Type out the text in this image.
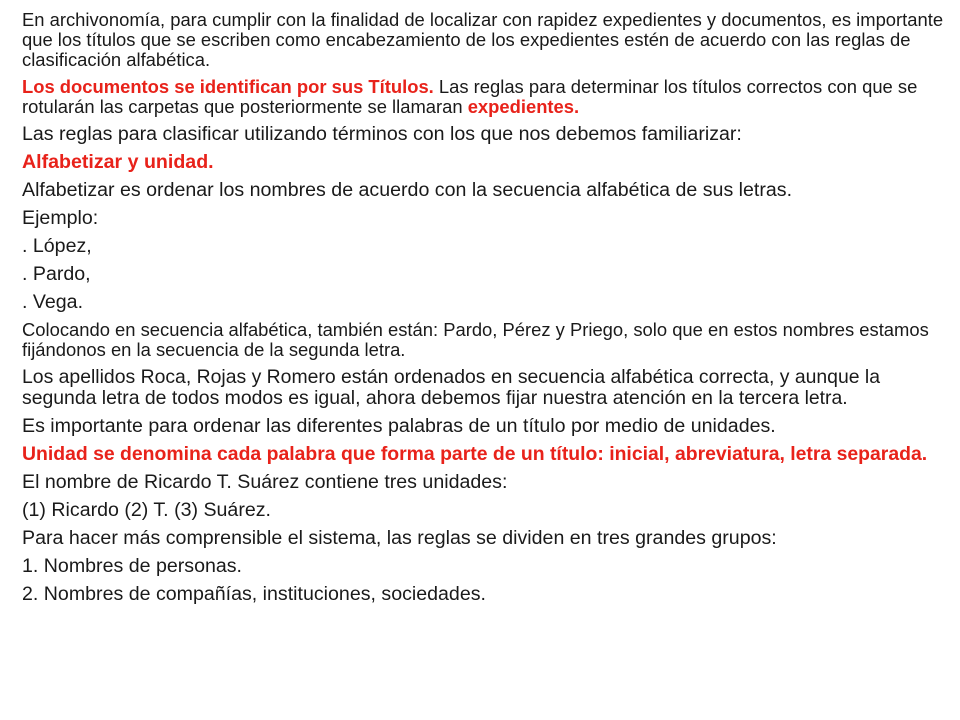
En archivonomía, para cumplir con la finalidad de localizar con rapidez expedientes y documentos, es importante que los títulos que se escriben como encabezamiento de los expedientes estén de acuerdo con las reglas de clasificación alfabética.

Los documentos se identifican por sus Títulos. Las reglas para determinar los títulos correctos con que se rotularán las carpetas que posteriormente se llamaran expedientes.

Las reglas para clasificar utilizando términos con los que nos debemos familiarizar:

Alfabetizar y unidad.

Alfabetizar es ordenar los nombres de acuerdo con la secuencia alfabética de sus letras.

Ejemplo:

. López,

. Pardo,

. Vega.

Colocando en secuencia alfabética, también están: Pardo, Pérez y Priego, solo que en estos nombres estamos fijándonos en la secuencia de la segunda letra.

Los apellidos Roca, Rojas y Romero están ordenados en secuencia alfabética correcta, y aunque la segunda letra de todos modos es igual, ahora debemos fijar nuestra atención en la tercera letra.

Es importante para ordenar las diferentes palabras de un título por medio de unidades.

Unidad se denomina cada palabra que forma parte de un título: inicial, abreviatura, letra separada.

El nombre de Ricardo T. Suárez contiene tres unidades:

(1) Ricardo (2) T. (3) Suárez.

Para hacer más comprensible el sistema, las reglas se dividen en tres grandes grupos:

1. Nombres de personas.

2. Nombres de compañías, instituciones, sociedades.
